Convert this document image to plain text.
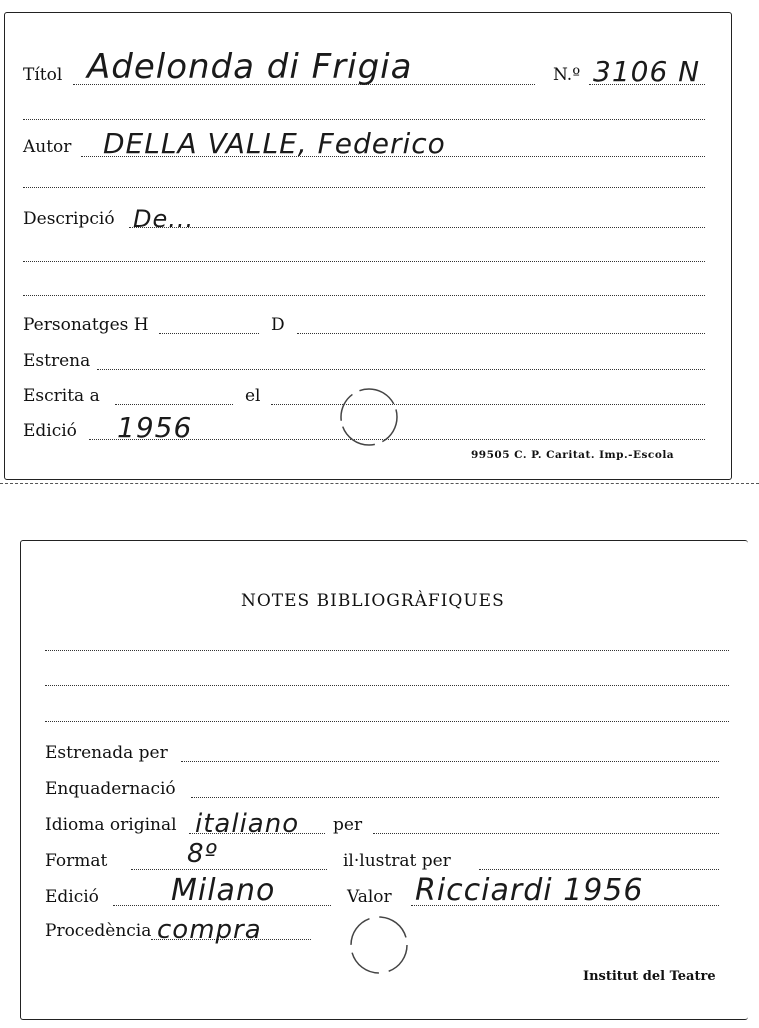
Títol Adelonda di Frigia	N.º 3106 N
Autor DELLA VALLE, Federico
Descripció De...
Personatges H	D
Estrena
Escrita a	el
Edició 1956
99505 C. P. Caritat. Imp.-Escola
NOTES BIBLIOGRÀFIQUES
Estrenada per
Enquadernació
Idioma original italiano per
Format	8º	il·lustrat per
Edició Milano	Valor Ricciardi 1956
Procedència compra
Institut del Teatre
